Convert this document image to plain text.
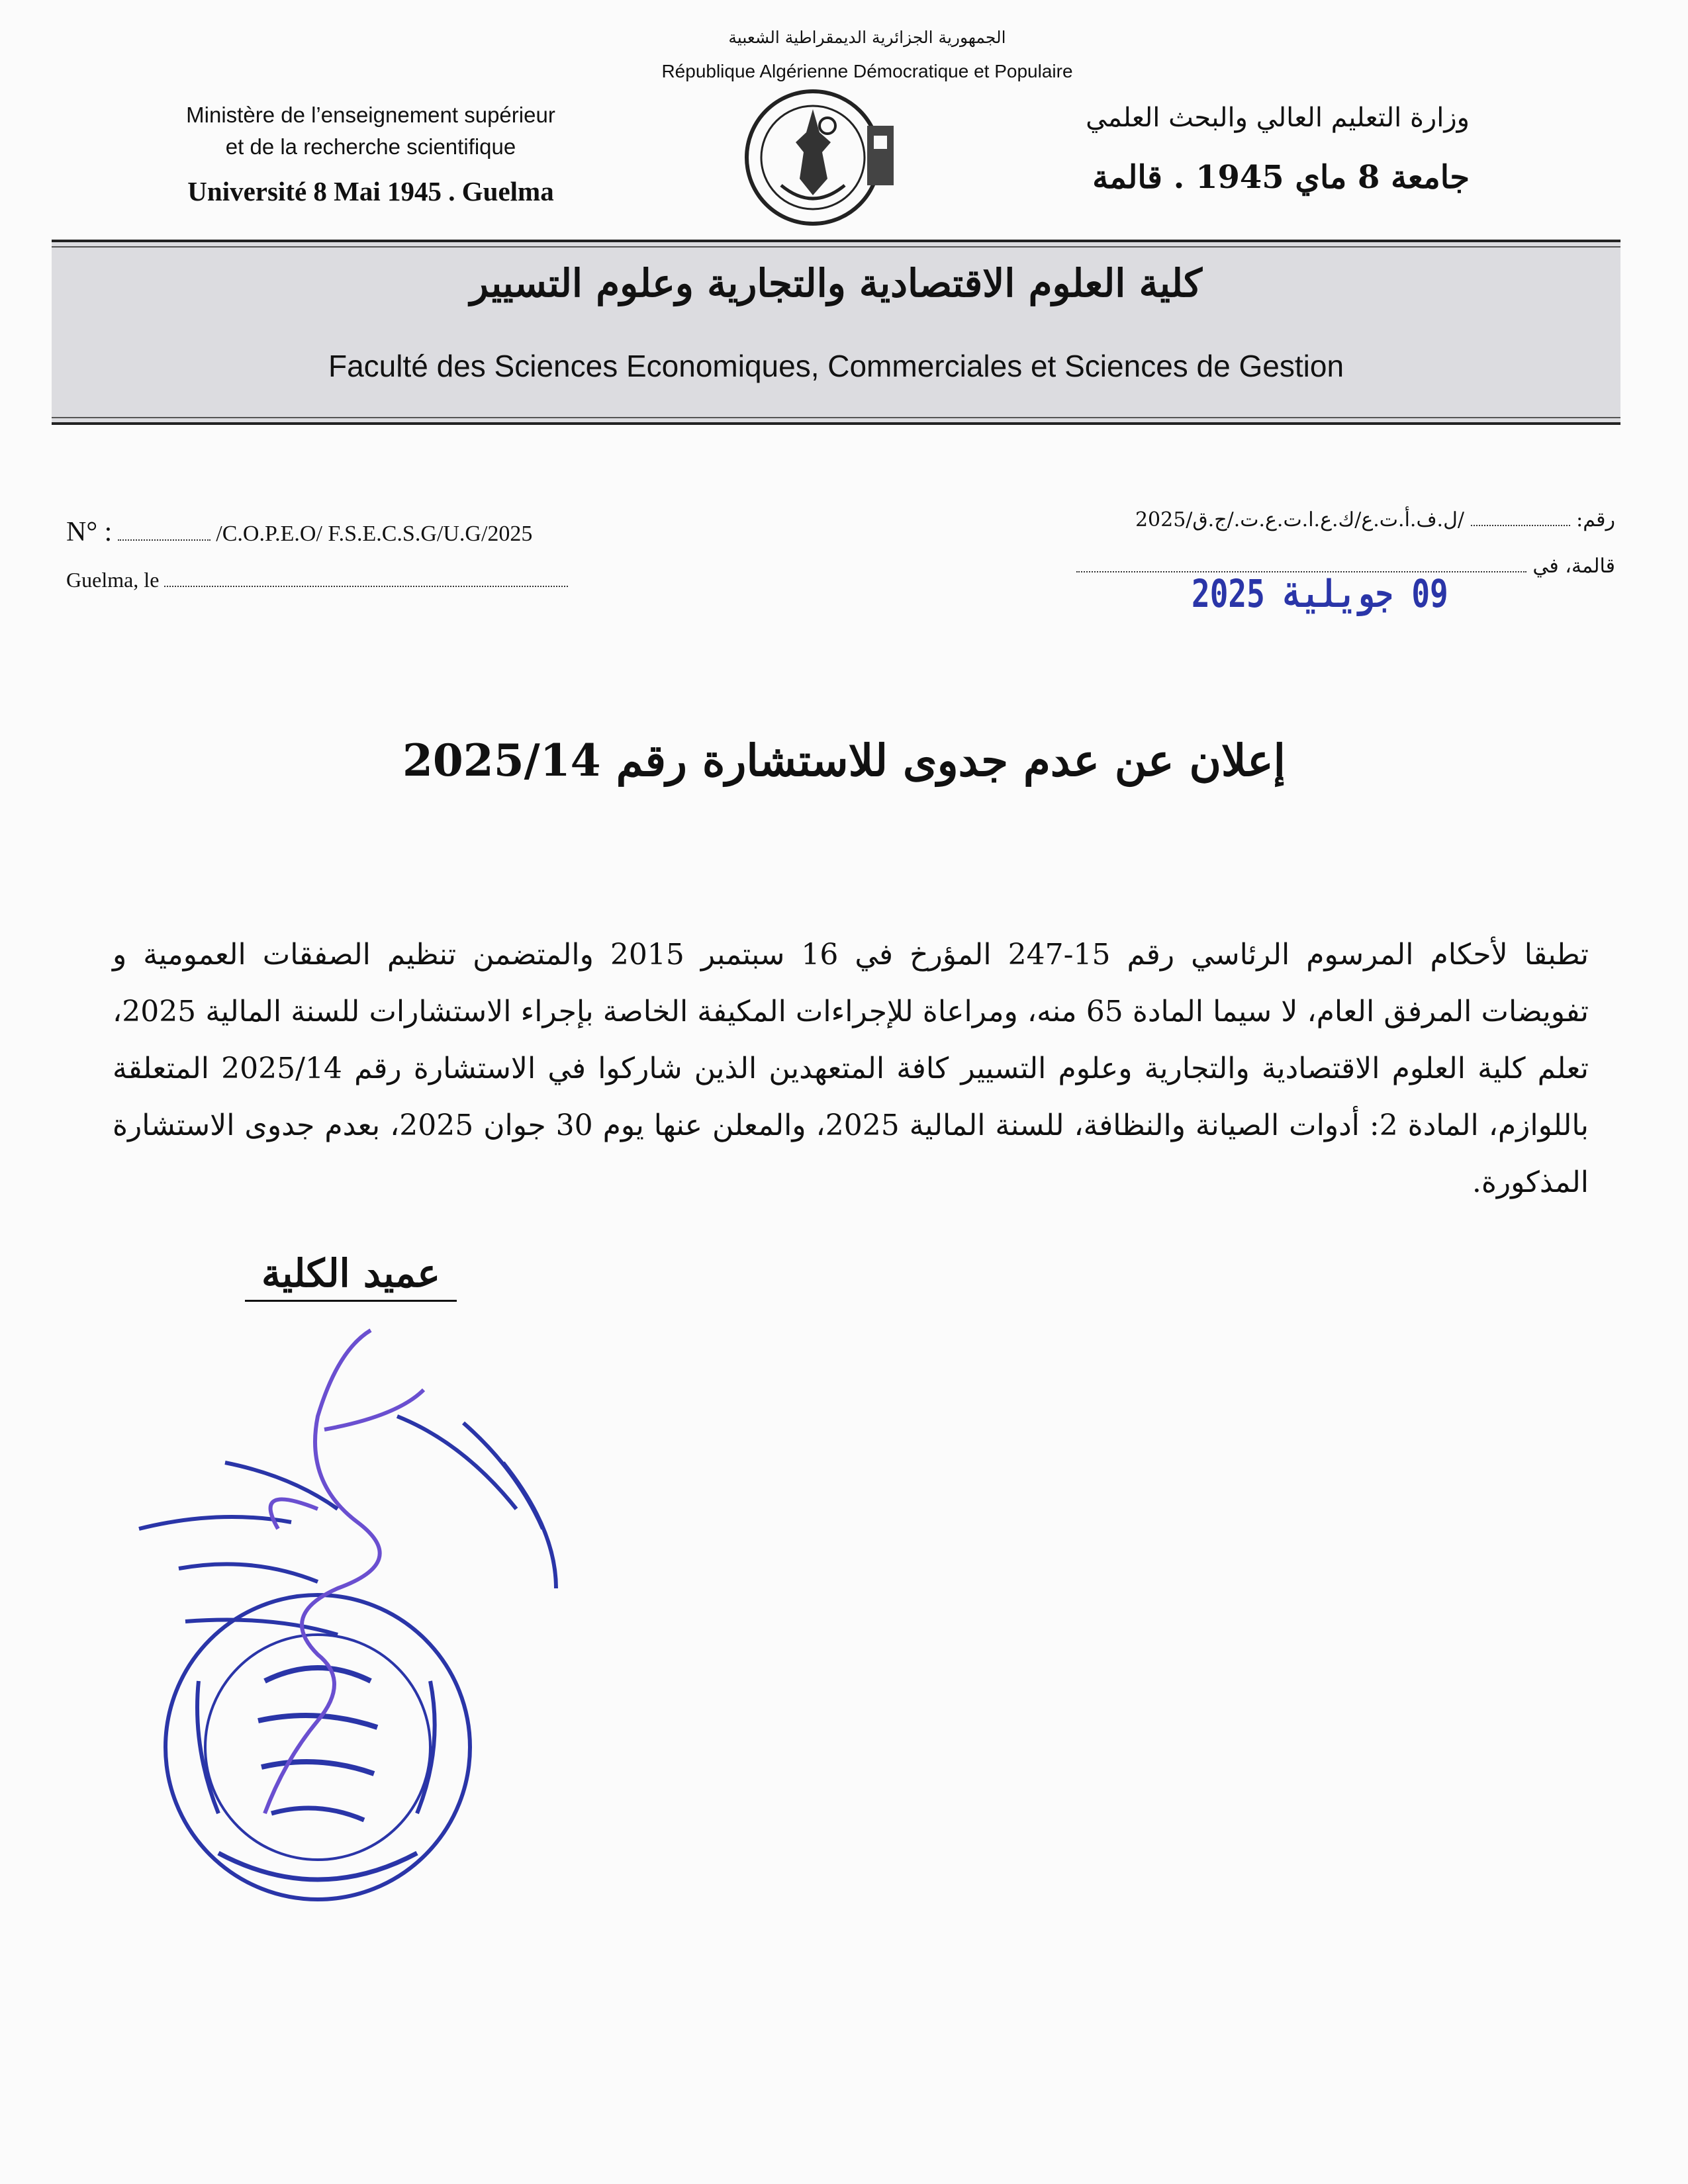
الجمهورية الجزائرية الديمقراطية الشعبية
République Algérienne Démocratique et Populaire
Ministère de l’enseignement supérieur
et de la recherche scientifique
Université 8 Mai 1945 . Guelma
وزارة التعليم العالي والبحث العلمي
جامعة 8 ماي 1945 . قالمة
كلية العلوم الاقتصادية والتجارية وعلوم التسيير
Faculté des Sciences Economiques, Commerciales et Sciences de Gestion
N° :	/C.O.P.E.O/ F.S.E.C.S.G/U.G/2025
Guelma, le
رقم:  /ل.ف.أ.ت.ع/ك.ع.ا.ت.ع.ت./ج.ق/2025
قالمة، في
09 جويلية 2025
إعلان عن عدم جدوى للاستشارة رقم 2025/14
تطبقا لأحكام المرسوم الرئاسي رقم 15-247 المؤرخ في 16 سبتمبر 2015 والمتضمن تنظيم الصفقات العمومية و تفويضات المرفق العام، لا سيما المادة 65 منه، ومراعاة للإجراءات المكيفة الخاصة بإجراء الاستشارات للسنة المالية 2025، تعلم كلية العلوم الاقتصادية والتجارية وعلوم التسيير كافة المتعهدين الذين شاركوا في الاستشارة رقم 2025/14 المتعلقة باللوازم، المادة 2: أدوات الصيانة والنظافة، للسنة المالية 2025، والمعلن عنها يوم 30 جوان 2025، بعدم جدوى الاستشارة المذكورة.
عميد الكلية
